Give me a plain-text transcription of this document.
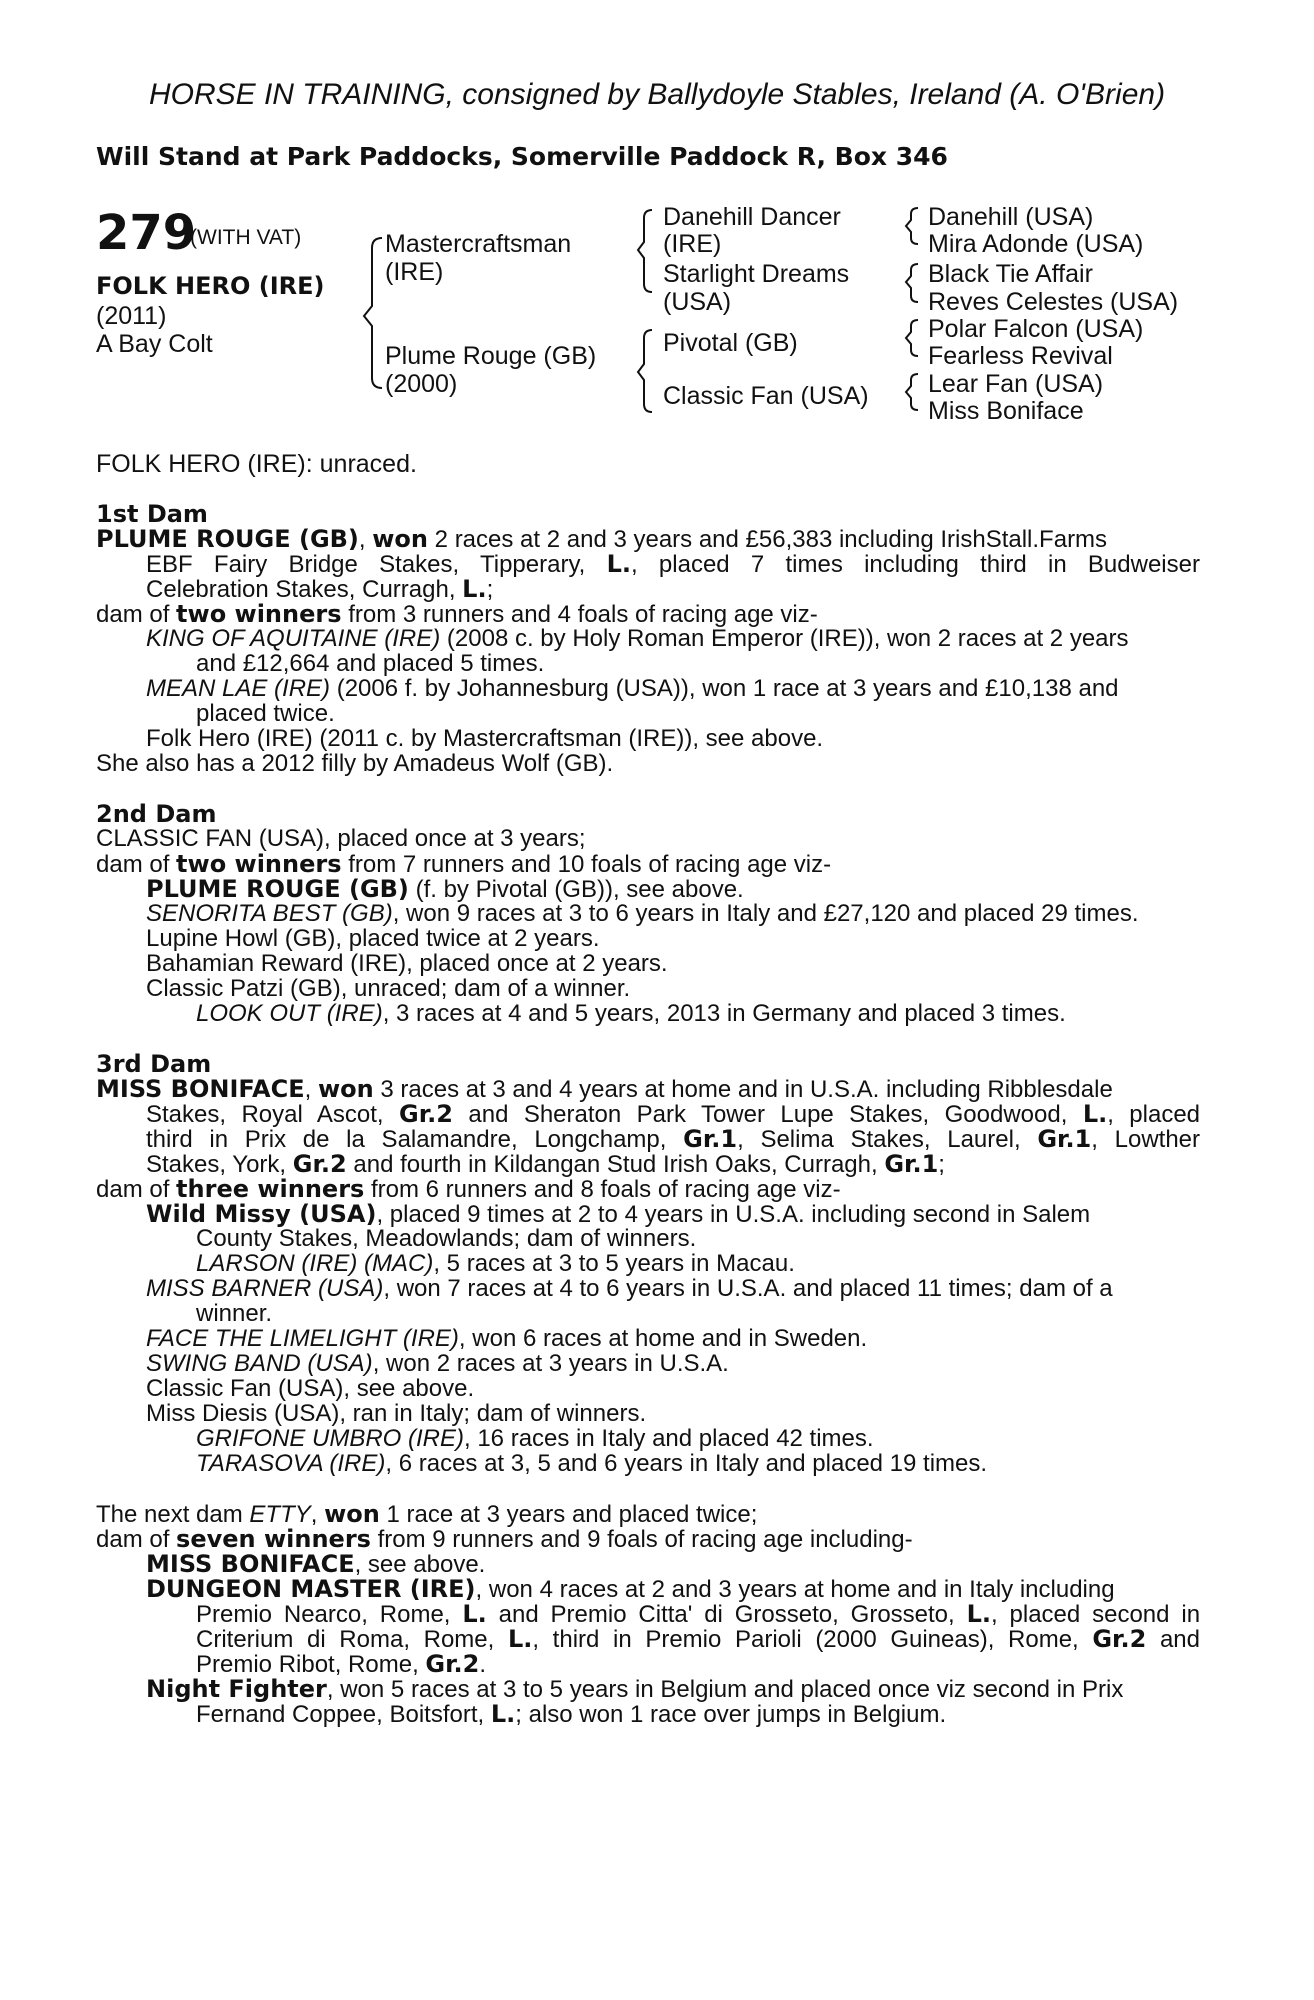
HORSE IN TRAINING, consigned by Ballydoyle Stables, Ireland (A. O'Brien)
Will Stand at Park Paddocks, Somerville Paddock R, Box 346
279
(WITH VAT)
FOLK HERO (IRE)
(2011)
A Bay Colt
Mastercraftsman
(IRE)
Plume Rouge (GB)
(2000)
Danehill Dancer
(IRE)
Starlight Dreams
(USA)
Pivotal (GB)
Classic Fan (USA)
Danehill (USA)
Mira Adonde (USA)
Black Tie Affair
Reves Celestes (USA)
Polar Falcon (USA)
Fearless Revival
Lear Fan (USA)
Miss Boniface
FOLK HERO (IRE): unraced.
1st Dam
PLUME ROUGE (GB), won 2 races at 2 and 3 years and £56,383 including IrishStall.Farms
EBF Fairy Bridge Stakes, Tipperary, L., placed 7 times including third in Budweiser
Celebration Stakes, Curragh, L.;
dam of two winners from 3 runners and 4 foals of racing age viz-
KING OF AQUITAINE (IRE) (2008 c. by Holy Roman Emperor (IRE)), won 2 races at 2 years
and £12,664 and placed 5 times.
MEAN LAE (IRE) (2006 f. by Johannesburg (USA)), won 1 race at 3 years and £10,138 and
placed twice.
Folk Hero (IRE) (2011 c. by Mastercraftsman (IRE)), see above.
She also has a 2012 filly by Amadeus Wolf (GB).
2nd Dam
CLASSIC FAN (USA), placed once at 3 years;
dam of two winners from 7 runners and 10 foals of racing age viz-
PLUME ROUGE (GB) (f. by Pivotal (GB)), see above.
SENORITA BEST (GB), won 9 races at 3 to 6 years in Italy and £27,120 and placed 29 times.
Lupine Howl (GB), placed twice at 2 years.
Bahamian Reward (IRE), placed once at 2 years.
Classic Patzi (GB), unraced; dam of a winner.
LOOK OUT (IRE), 3 races at 4 and 5 years, 2013 in Germany and placed 3 times.
3rd Dam
MISS BONIFACE, won 3 races at 3 and 4 years at home and in U.S.A. including Ribblesdale
Stakes, Royal Ascot, Gr.2 and Sheraton Park Tower Lupe Stakes, Goodwood, L., placed
third in Prix de la Salamandre, Longchamp, Gr.1, Selima Stakes, Laurel, Gr.1, Lowther
Stakes, York, Gr.2 and fourth in Kildangan Stud Irish Oaks, Curragh, Gr.1;
dam of three winners from 6 runners and 8 foals of racing age viz-
Wild Missy (USA), placed 9 times at 2 to 4 years in U.S.A. including second in Salem
County Stakes, Meadowlands; dam of winners.
LARSON (IRE) (MAC), 5 races at 3 to 5 years in Macau.
MISS BARNER (USA), won 7 races at 4 to 6 years in U.S.A. and placed 11 times; dam of a
winner.
FACE THE LIMELIGHT (IRE), won 6 races at home and in Sweden.
SWING BAND (USA), won 2 races at 3 years in U.S.A.
Classic Fan (USA), see above.
Miss Diesis (USA), ran in Italy; dam of winners.
GRIFONE UMBRO (IRE), 16 races in Italy and placed 42 times.
TARASOVA (IRE), 6 races at 3, 5 and 6 years in Italy and placed 19 times.
The next dam ETTY, won 1 race at 3 years and placed twice;
dam of seven winners from 9 runners and 9 foals of racing age including-
MISS BONIFACE, see above.
DUNGEON MASTER (IRE), won 4 races at 2 and 3 years at home and in Italy including
Premio Nearco, Rome, L. and Premio Citta' di Grosseto, Grosseto, L., placed second in
Criterium di Roma, Rome, L., third in Premio Parioli (2000 Guineas), Rome, Gr.2 and
Premio Ribot, Rome, Gr.2.
Night Fighter, won 5 races at 3 to 5 years in Belgium and placed once viz second in Prix
Fernand Coppee, Boitsfort, L.; also won 1 race over jumps in Belgium.
